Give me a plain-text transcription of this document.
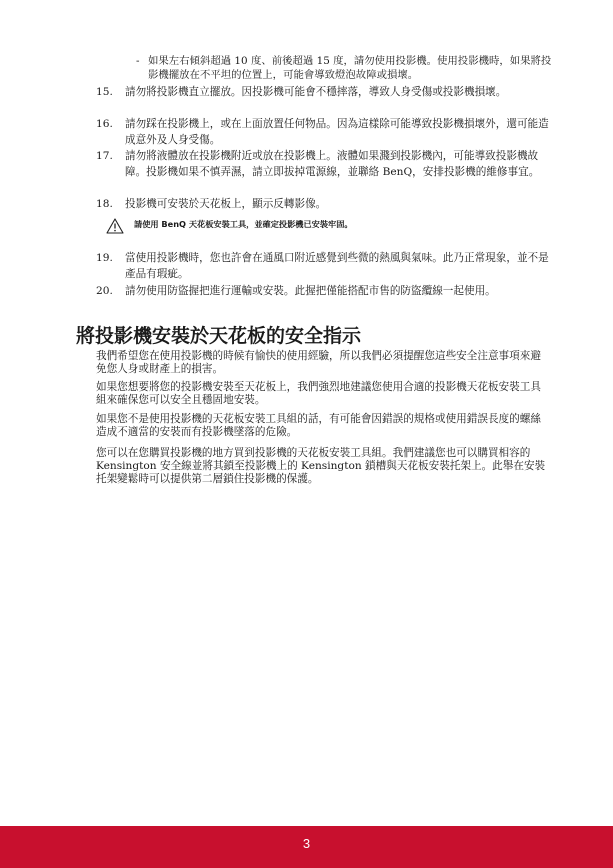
- 如果左右傾斜超過 10 度、前後超過 15 度，請勿使用投影機。使用投影機時，如果將投影機擺放在不平坦的位置上，可能會導致燈泡故障或損壞。
15.	請勿將投影機直立擺放。因投影機可能會不穩摔落，導致人身受傷或投影機損壞。
16.	請勿踩在投影機上，或在上面放置任何物品。因為這樣除可能導致投影機損壞外，還可能造成意外及人身受傷。
17.	請勿將液體放在投影機附近或放在投影機上。液體如果濺到投影機內，可能導致投影機故障。投影機如果不慎弄濕，請立即拔掉電源線，並聯絡 BenQ，安排投影機的維修事宜。
18.	投影機可安裝於天花板上，顯示反轉影像。
請使用 BenQ 天花板安裝工具，並確定投影機已安裝牢固。
19.	當使用投影機時，您也許會在通風口附近感覺到些微的熱風與氣味。此乃正常現象，並不是產品有瑕疵。
20.	請勿使用防盜握把進行運輸或安裝。此握把僅能搭配市售的防盜纜線一起使用。
將投影機安裝於天花板的安全指示

我們希望您在使用投影機的時候有愉快的使用經驗，所以我們必須提醒您這些安全注意事項來避免您人身或財產上的損害。

如果您想要將您的投影機安裝至天花板上，我們強烈地建議您使用合適的投影機天花板安裝工具組來確保您可以安全且穩固地安裝。

如果您不是使用投影機的天花板安裝工具組的話，有可能會因錯誤的規格或使用錯誤長度的螺絲造成不適當的安裝而有投影機墜落的危險。

您可以在您購買投影機的地方買到投影機的天花板安裝工具組。我們建議您也可以購買相容的 Kensington 安全線並將其鎖至投影機上的 Kensington 鎖槽與天花板安裝托架上。此舉在安裝托架變鬆時可以提供第二層鎖住投影機的保護。

3
